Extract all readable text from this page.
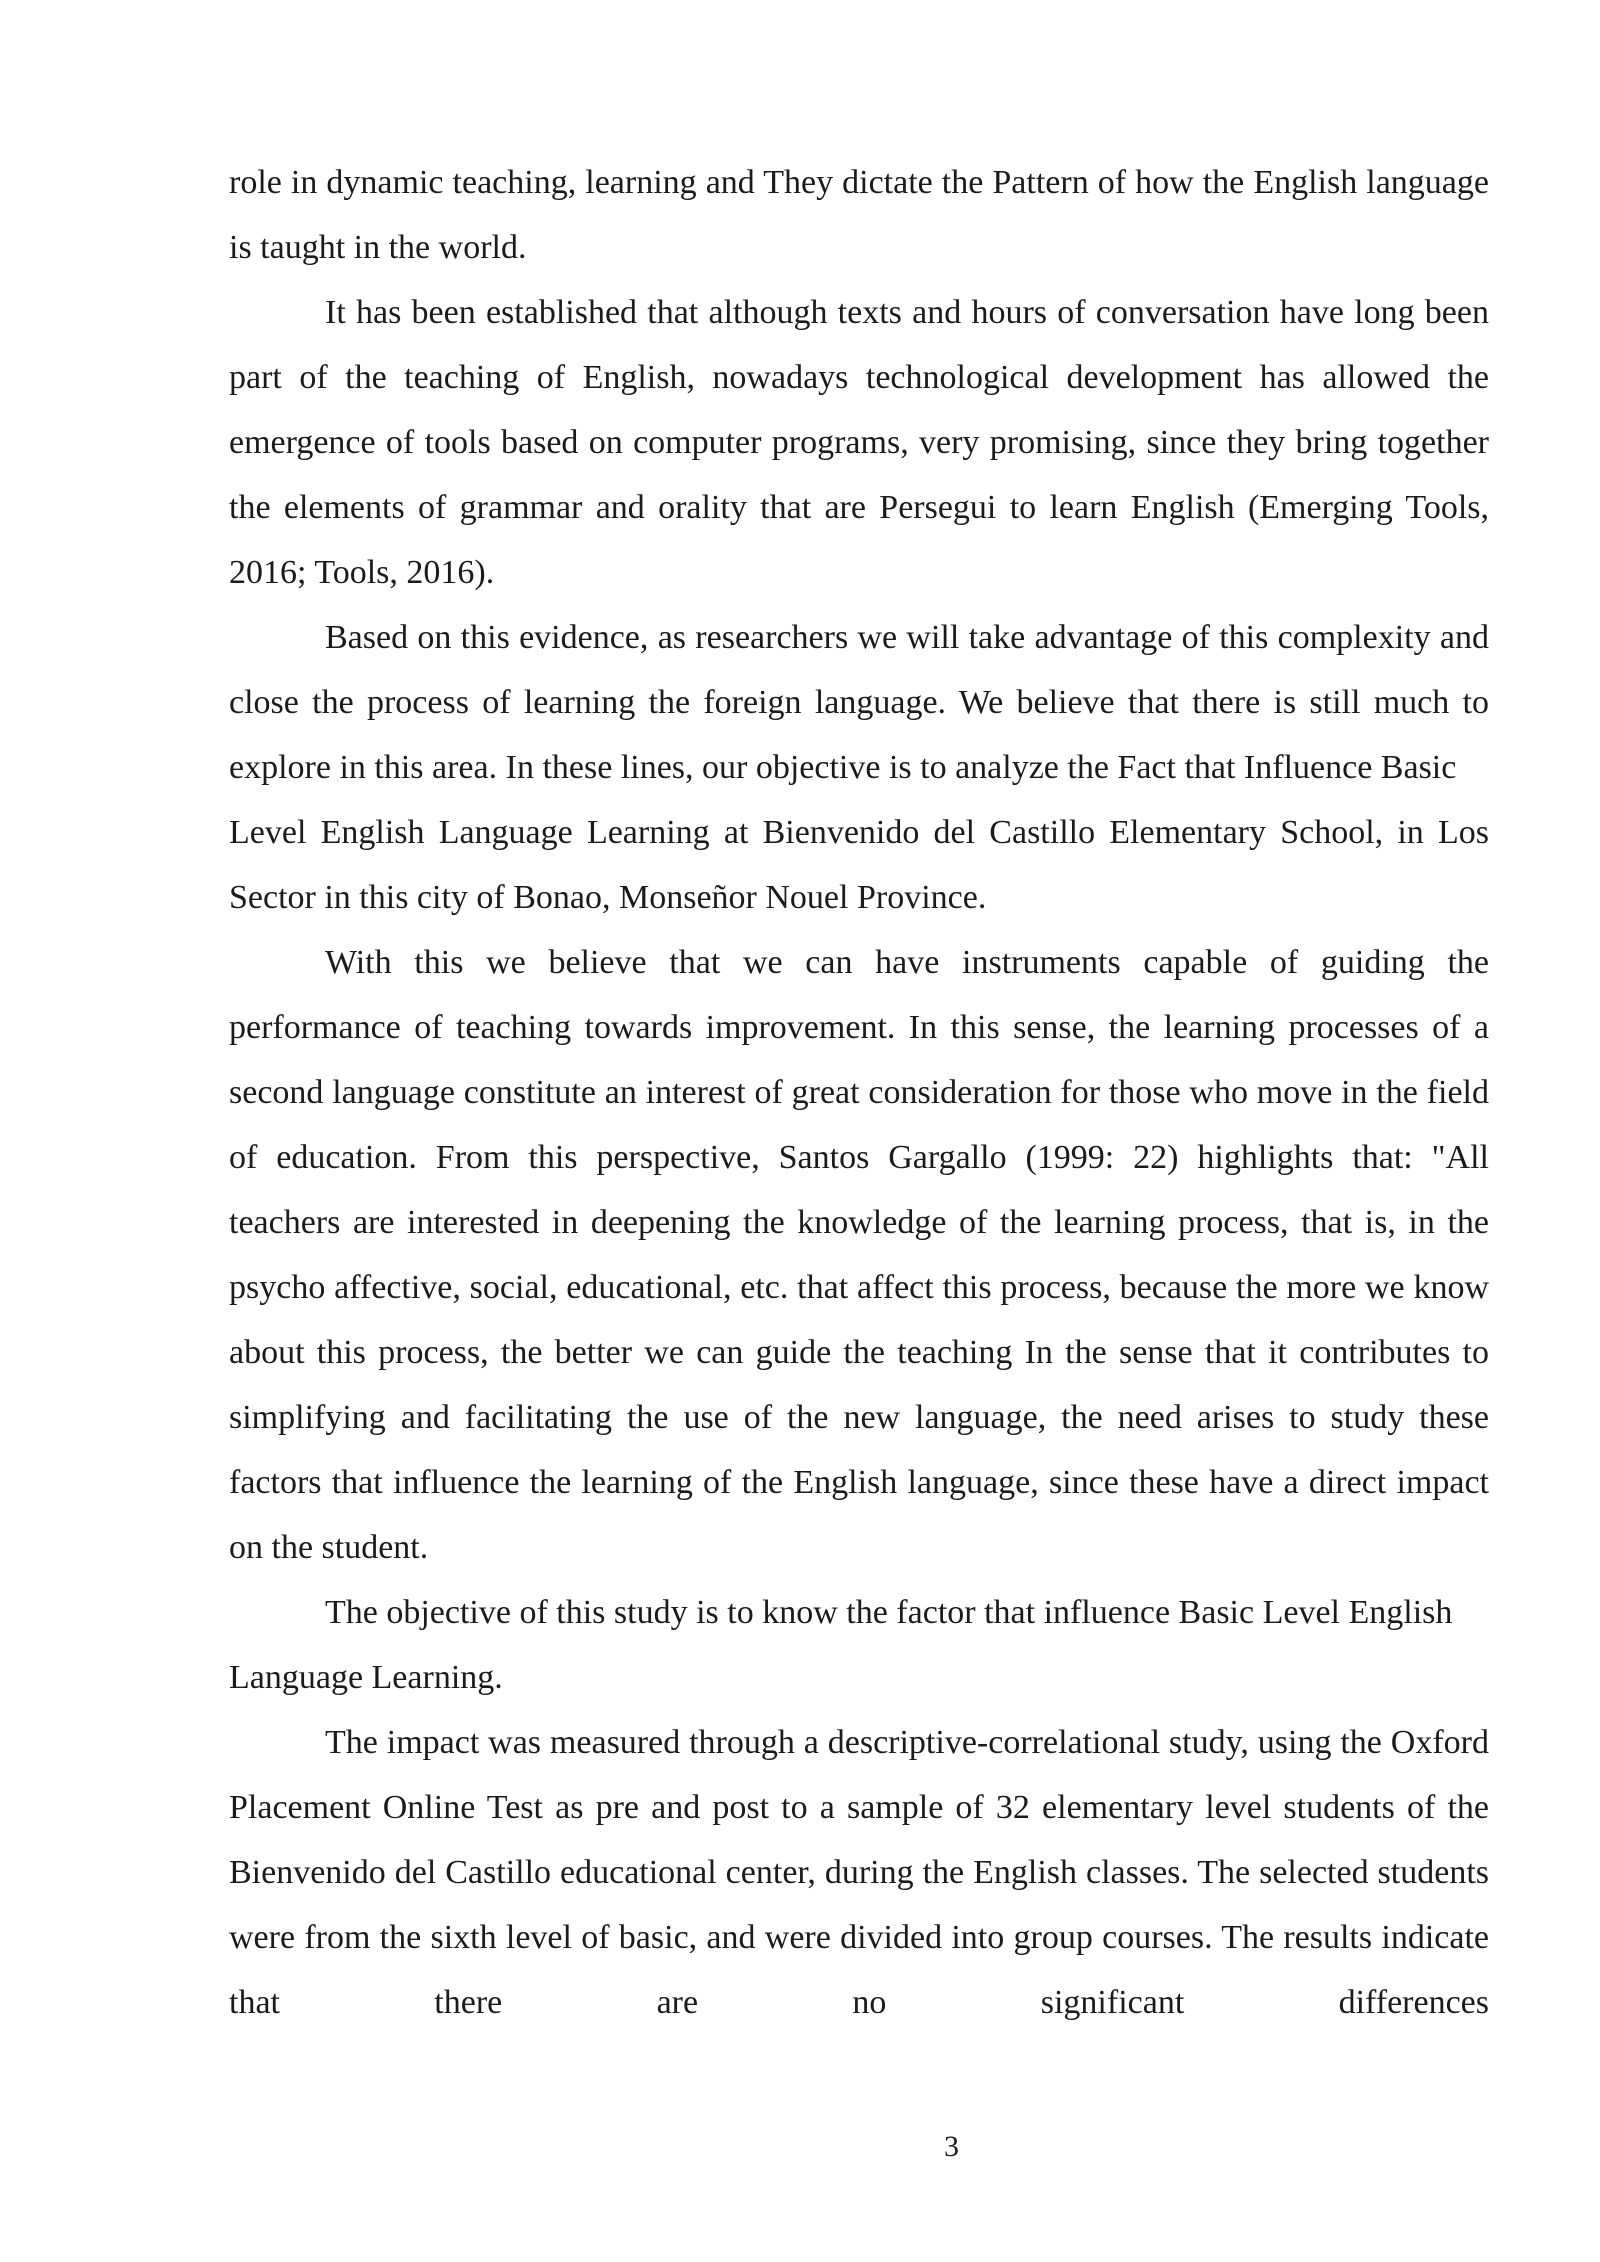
role in dynamic teaching, learning and They dictate the Pattern of how the English language is taught in the world.

It has been established that although texts and hours of conversation have long been part of the teaching of English, nowadays technological development has allowed the emergence of tools based on computer programs, very promising, since they bring together the elements of grammar and orality that are Persegui to learn English (Emerging Tools, 2016; Tools, 2016).

Based on this evidence, as researchers we will take advantage of this complexity and close the process of learning the foreign language. We believe that there is still much to explore in this area. In these lines, our objective is to analyze the Fact that Influence Basic

Level English Language Learning at Bienvenido del Castillo Elementary School, in Los Sector in this city of Bonao, Monseñor Nouel Province.

With this we believe that we can have instruments capable of guiding the performance of teaching towards improvement. In this sense, the learning processes of a second language constitute an interest of great consideration for those who move in the field of education. From this perspective, Santos Gargallo (1999: 22) highlights that: "All teachers are interested in deepening the knowledge of the learning process, that is, in the psycho affective, social, educational, etc. that affect this process, because the more we know about this process, the better we can guide the teaching In the sense that it contributes to simplifying and facilitating the use of the new language, the need arises to study these factors that influence the learning of the English language, since these have a direct impact on the student.

The objective of this study is to know the factor that influence Basic Level English Language Learning.

The impact was measured through a descriptive-correlational study, using the Oxford Placement Online Test as pre and post to a sample of 32 elementary level students of the Bienvenido del Castillo educational center, during the English classes. The selected students were from the sixth level of basic, and were divided into group courses. The results indicate that there are no significant differences

3
